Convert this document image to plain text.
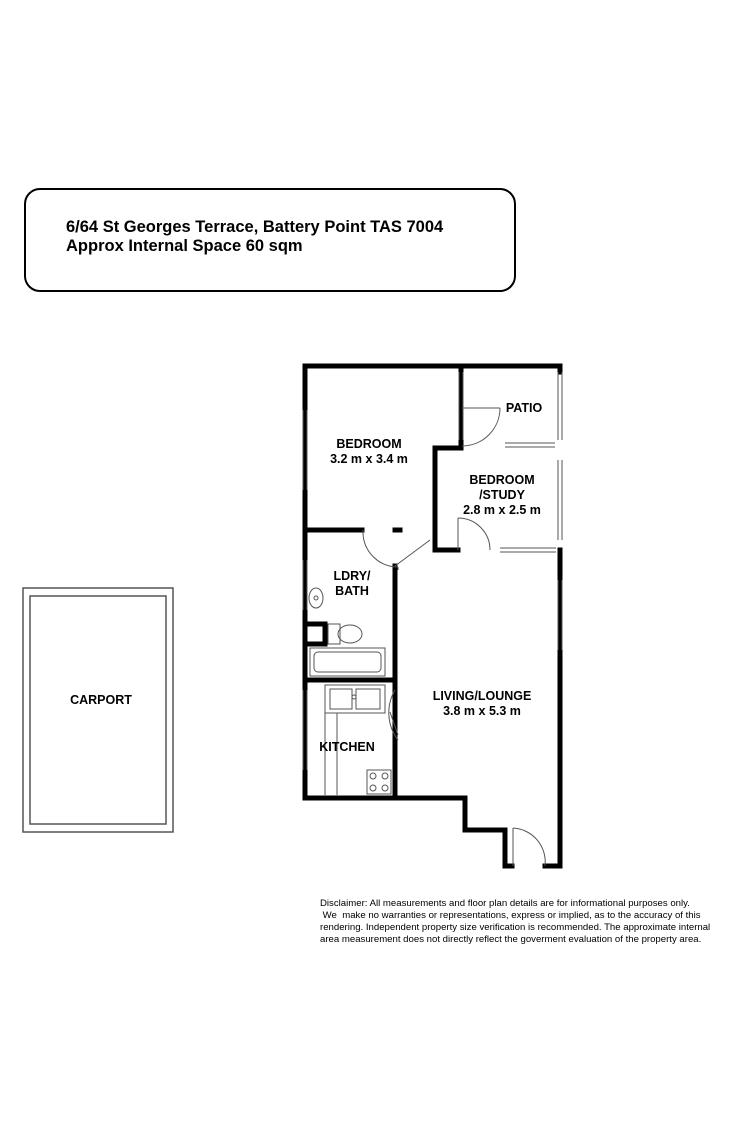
6/64 St Georges Terrace, Battery Point TAS 7004
Approx Internal Space 60 sqm
BEDROOM
3.2 m x 3.4 m
PATIO
BEDROOM
/STUDY
2.8 m x 2.5 m
LDRY/
BATH
LIVING/LOUNGE
3.8 m x 5.3 m
KITCHEN
CARPORT

Disclaimer: All measurements and floor plan details are for informational purposes only.

We  make no warranties or representations, express or implied, as to the accuracy of this

rendering. Independent property size verification is recommended. The approximate internal

area measurement does not directly reflect the goverment evaluation of the property area.
